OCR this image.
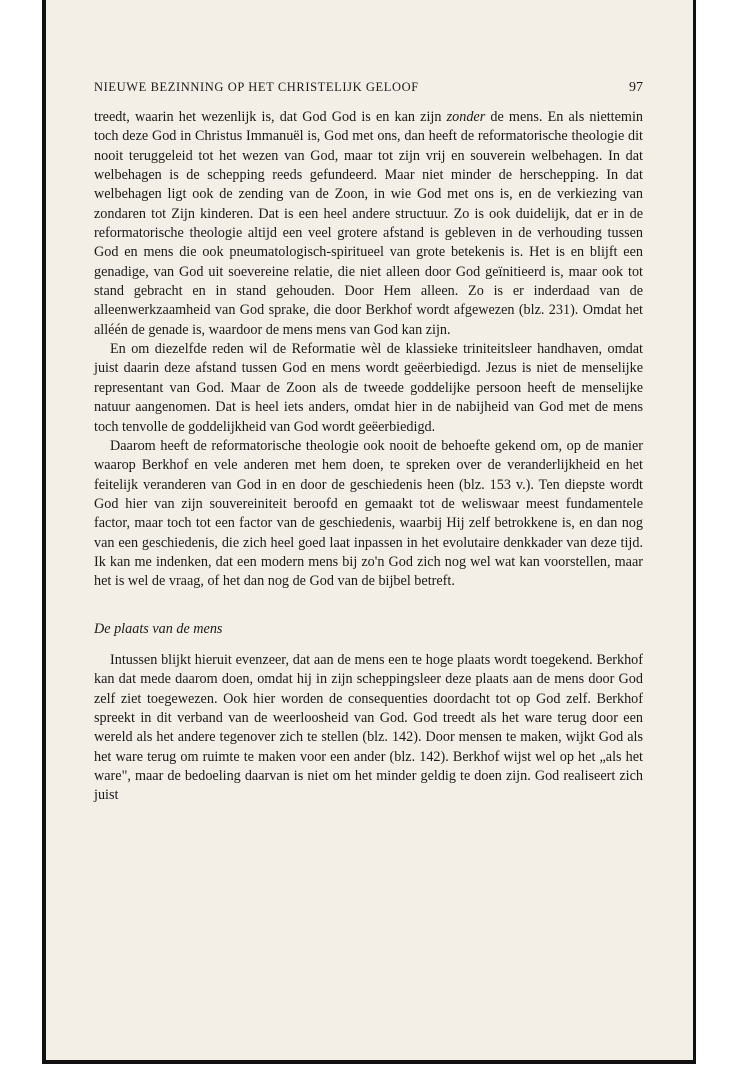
NIEUWE BEZINNING OP HET CHRISTELIJK GELOOF	97

treedt, waarin het wezenlijk is, dat God God is en kan zijn zonder de mens. En als niettemin toch deze God in Christus Immanuël is, God met ons, dan heeft de reformatorische theologie dit nooit teruggeleid tot het wezen van God, maar tot zijn vrij en souverein welbehagen. In dat welbehagen is de schepping reeds gefundeerd. Maar niet minder de herschepping. In dat welbehagen ligt ook de zending van de Zoon, in wie God met ons is, en de verkiezing van zondaren tot Zijn kinderen. Dat is een heel andere structuur. Zo is ook duidelijk, dat er in de reformatorische theologie altijd een veel grotere afstand is gebleven in de verhouding tussen God en mens die ook pneumatologisch-spiritueel van grote betekenis is. Het is en blijft een genadige, van God uit soevereine relatie, die niet alleen door God geïnitieerd is, maar ook tot stand gebracht en in stand gehouden. Door Hem alleen. Zo is er inderdaad van de alleenwerkzaamheid van God sprake, die door Berkhof wordt afgewezen (blz. 231). Omdat het alléén de genade is, waardoor de mens mens van God kan zijn.

En om diezelfde reden wil de Reformatie wèl de klassieke triniteitsleer handhaven, omdat juist daarin deze afstand tussen God en mens wordt geëerbiedigd. Jezus is niet de menselijke representant van God. Maar de Zoon als de tweede goddelijke persoon heeft de menselijke natuur aangenomen. Dat is heel iets anders, omdat hier in de nabijheid van God met de mens toch tenvolle de goddelijkheid van God wordt geëerbiedigd.

Daarom heeft de reformatorische theologie ook nooit de behoefte gekend om, op de manier waarop Berkhof en vele anderen met hem doen, te spreken over de veranderlijkheid en het feitelijk veranderen van God in en door de geschiedenis heen (blz. 153 v.). Ten diepste wordt God hier van zijn souvereiniteit beroofd en gemaakt tot de weliswaar meest fundamentele factor, maar toch tot een factor van de geschiedenis, waarbij Hij zelf betrokkene is, en dan nog van een geschiedenis, die zich heel goed laat inpassen in het evolutaire denkkader van deze tijd. Ik kan me indenken, dat een modern mens bij zo'n God zich nog wel wat kan voorstellen, maar het is wel de vraag, of het dan nog de God van de bijbel betreft.

De plaats van de mens

Intussen blijkt hieruit evenzeer, dat aan de mens een te hoge plaats wordt toegekend. Berkhof kan dat mede daarom doen, omdat hij in zijn scheppingsleer deze plaats aan de mens door God zelf ziet toegewezen. Ook hier worden de consequenties doordacht tot op God zelf. Berkhof spreekt in dit verband van de weerloosheid van God. God treedt als het ware terug door een wereld als het andere tegenover zich te stellen (blz. 142). Door mensen te maken, wijkt God als het ware terug om ruimte te maken voor een ander (blz. 142). Berkhof wijst wel op het „als het ware", maar de bedoeling daarvan is niet om het minder geldig te doen zijn. God realiseert zich juist
